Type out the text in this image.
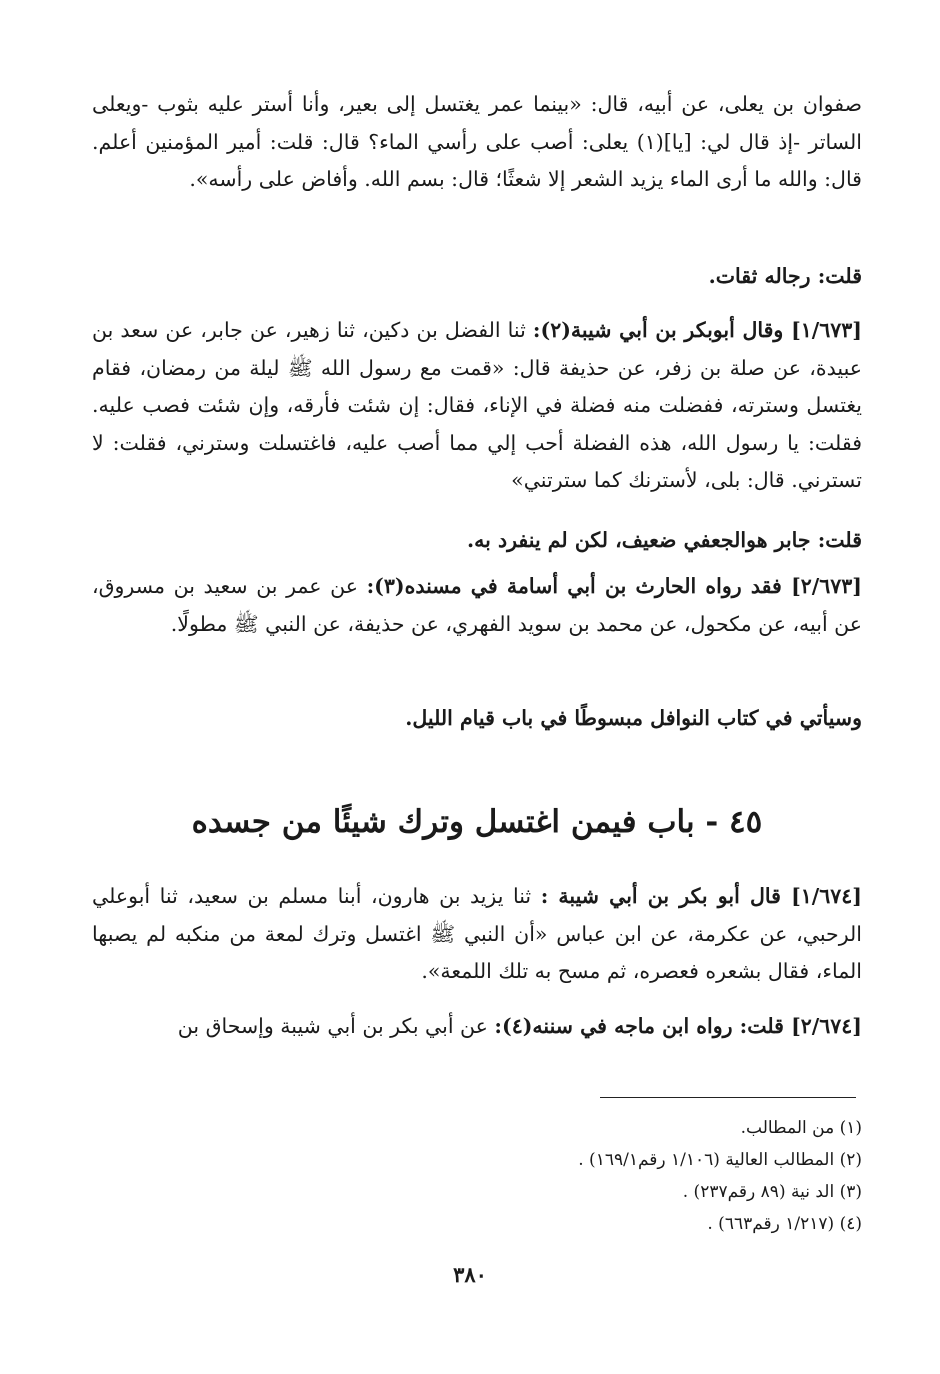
صفوان بن يعلى، عن أبيه، قال: «بينما عمر يغتسل إلى بعير، وأنا أستر عليه بثوب -ويعلى الساتر -إذ قال لي: [يا](١) يعلى: أصب على رأسي الماء؟ قال: قلت: أمير المؤمنين أعلم. قال: والله ما أرى الماء يزيد الشعر إلا شعثًا؛ قال: بسم الله. وأفاض على رأسه».
قلت: رجاله ثقات.
[١/٦٧٣] وقال أبوبكر بن أبي شيبة(٢): ثنا الفضل بن دكين، ثنا زهير، عن جابر، عن سعد بن عبيدة، عن صلة بن زفر، عن حذيفة قال: «قمت مع رسول الله ﷺ ليلة من رمضان، فقام يغتسل وسترته، ففضلت منه فضلة في الإناء، فقال: إن شئت فأرقه، وإن شئت فصب عليه. فقلت: يا رسول الله، هذه الفضلة أحب إلي مما أصب عليه، فاغتسلت وسترني، فقلت: لا تسترني. قال: بلى، لأسترنك كما سترتني»
قلت: جابر هوالجعفي ضعيف، لكن لم ينفرد به.
[٢/٦٧٣] فقد رواه الحارث بن أبي أسامة في مسنده(٣): عن عمر بن سعيد بن مسروق، عن أبيه، عن مكحول، عن محمد بن سويد الفهري، عن حذيفة، عن النبي ﷺ مطولًا.
وسيأتي في كتاب النوافل مبسوطًا في باب قيام الليل.
٤٥ - باب فيمن اغتسل وترك شيئًا من جسده
[١/٦٧٤] قال أبو بكر بن أبي شيبة : ثنا يزيد بن هارون، أبنا مسلم بن سعيد، ثنا أبوعلي الرحبي، عن عكرمة، عن ابن عباس «أن النبي ﷺ اغتسل وترك لمعة من منكبه لم يصبها الماء، فقال بشعره فعصره، ثم مسح به تلك اللمعة».
[٢/٦٧٤] قلت: رواه ابن ماجه في سننه(٤): عن أبي بكر بن أبي شيبة وإسحاق بن
(١) من المطالب.
(٢) المطالب العالية (١/١٠٦ رقم١٦٩/١) .
(٣) الد نية (٨٩ رقم٢٣٧) .
(٤) (١/٢١٧ رقم٦٦٣) .
٣٨٠
